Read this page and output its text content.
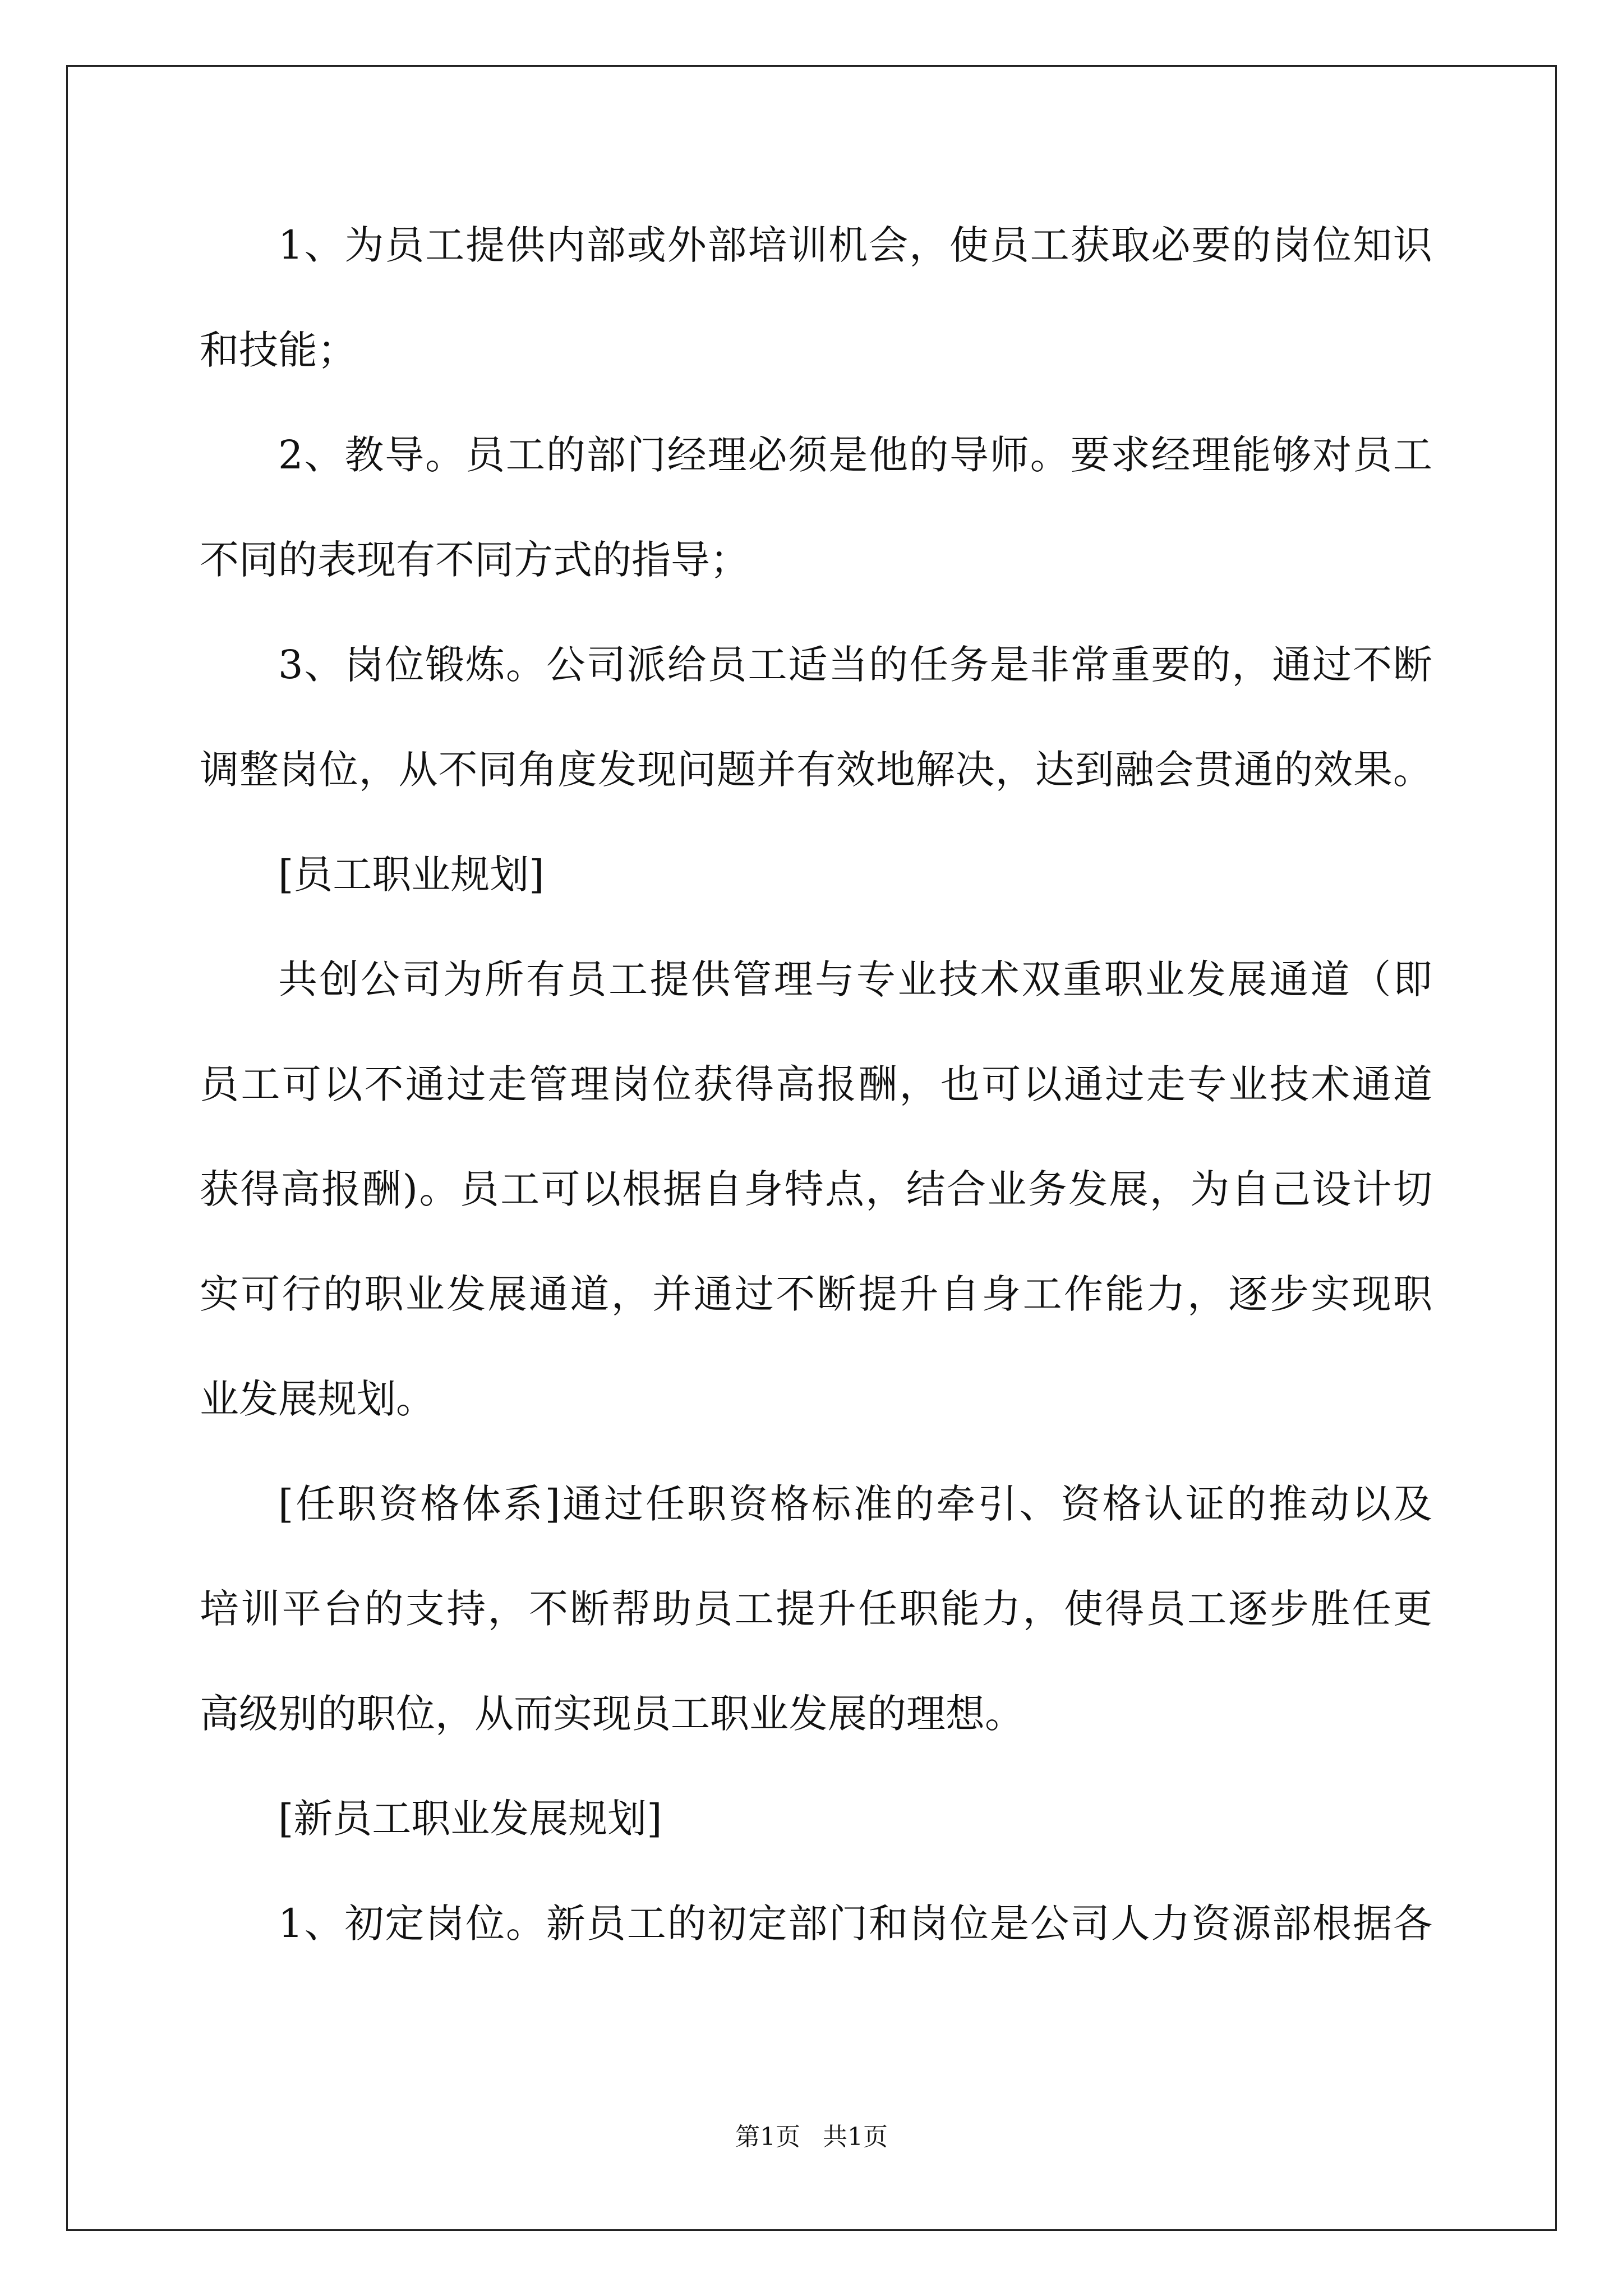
1、为员工提供内部或外部培训机会，使员工获取必要的岗位知识
和技能；
2、教导。员工的部门经理必须是他的导师。要求经理能够对员工
不同的表现有不同方式的指导；
3、岗位锻炼。公司派给员工适当的任务是非常重要的，通过不断
调整岗位，从不同角度发现问题并有效地解决，达到融会贯通的效果。
[员工职业规划]
共创公司为所有员工提供管理与专业技术双重职业发展通道（即
员工可以不通过走管理岗位获得高报酬，也可以通过走专业技术通道
获得高报酬)。员工可以根据自身特点，结合业务发展，为自己设计切
实可行的职业发展通道，并通过不断提升自身工作能力，逐步实现职
业发展规划。
[任职资格体系]通过任职资格标准的牵引、资格认证的推动以及
培训平台的支持，不断帮助员工提升任职能力，使得员工逐步胜任更
高级别的职位，从而实现员工职业发展的理想。
[新员工职业发展规划]
1、初定岗位。新员工的初定部门和岗位是公司人力资源部根据各
第1页 共1页
